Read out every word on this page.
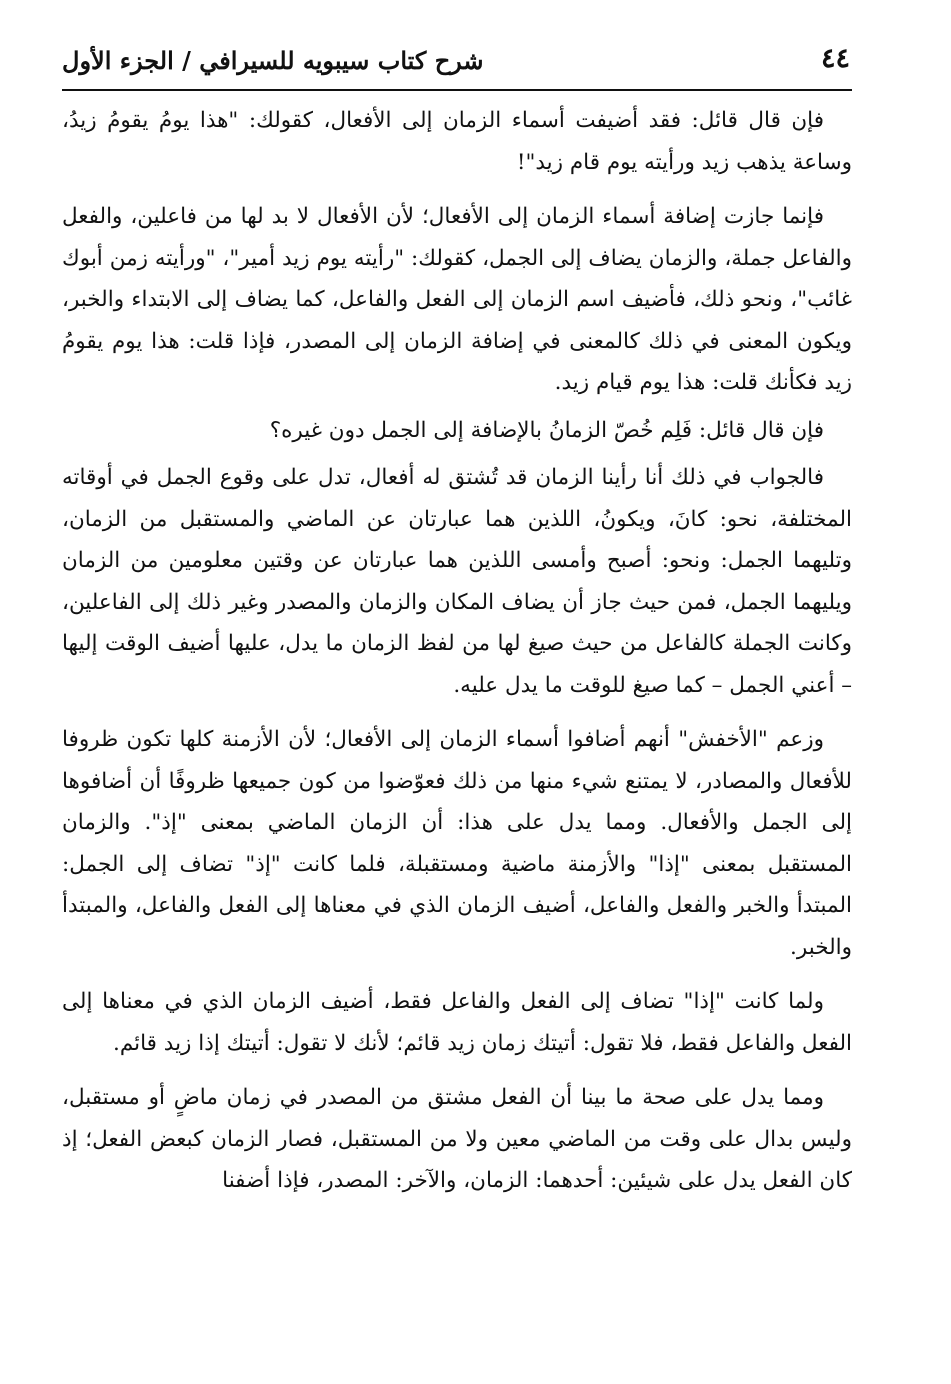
٤٤
شرح كتاب سيبويه للسيرافي / الجزء الأول

فإن قال قائل: فقد أضيفت أسماء الزمان إلى الأفعال، كقولك: "هذا يومُ يقومُ زيدُ، وساعة يذهب زيد ورأيته يوم قام زيد"!

فإنما جازت إضافة أسماء الزمان إلى الأفعال؛ لأن الأفعال لا بد لها من فاعلين، والفعل والفاعل جملة، والزمان يضاف إلى الجمل، كقولك: "رأيته يوم زيد أمير"، "ورأيته زمن أبوك غائب"، ونحو ذلك، فأضيف اسم الزمان إلى الفعل والفاعل، كما يضاف إلى الابتداء والخبر، ويكون المعنى في ذلك كالمعنى في إضافة الزمان إلى المصدر، فإذا قلت: هذا يوم يقومُ زيد فكأنك قلت: هذا يوم قيام زيد.

فإن قال قائل: فَلِم خُصّ الزمانُ بالإضافة إلى الجمل دون غيره؟

فالجواب في ذلك أنا رأينا الزمان قد تُشتق له أفعال، تدل على وقوع الجمل في أوقاته المختلفة، نحو: كانَ، ويكونُ، اللذين هما عبارتان عن الماضي والمستقبل من الزمان، وتليهما الجمل: ونحو: أصبح وأمسى اللذين هما عبارتان عن وقتين معلومين من الزمان ويليهما الجمل، فمن حيث جاز أن يضاف المكان والزمان والمصدر وغير ذلك إلى الفاعلين، وكانت الجملة كالفاعل من حيث صيغ لها من لفظ الزمان ما يدل، عليها أضيف الوقت إليها – أعني الجمل – كما صيغ للوقت ما يدل عليه.

وزعم "الأخفش" أنهم أضافوا أسماء الزمان إلى الأفعال؛ لأن الأزمنة كلها تكون ظروفا للأفعال والمصادر، لا يمتنع شيء منها من ذلك فعوّضوا من كون جميعها ظروفًا أن أضافوها إلى الجمل والأفعال. ومما يدل على هذا: أن الزمان الماضي بمعنى "إذ". والزمان المستقبل بمعنى "إذا" والأزمنة ماضية ومستقبلة، فلما كانت "إذ" تضاف إلى الجمل: المبتدأ والخبر والفعل والفاعل، أضيف الزمان الذي في معناها إلى الفعل والفاعل، والمبتدأ والخبر.

ولما كانت "إذا" تضاف إلى الفعل والفاعل فقط، أضيف الزمان الذي في معناها إلى الفعل والفاعل فقط، فلا تقول: أتيتك زمان زيد قائم؛ لأنك لا تقول: أتيتك إذا زيد قائم.

ومما يدل على صحة ما بينا أن الفعل مشتق من المصدر في زمان ماضٍ أو مستقبل، وليس بدال على وقت من الماضي معين ولا من المستقبل، فصار الزمان كبعض الفعل؛ إذ كان الفعل يدل على شيئين: أحدهما: الزمان، والآخر: المصدر، فإذا أضفنا
